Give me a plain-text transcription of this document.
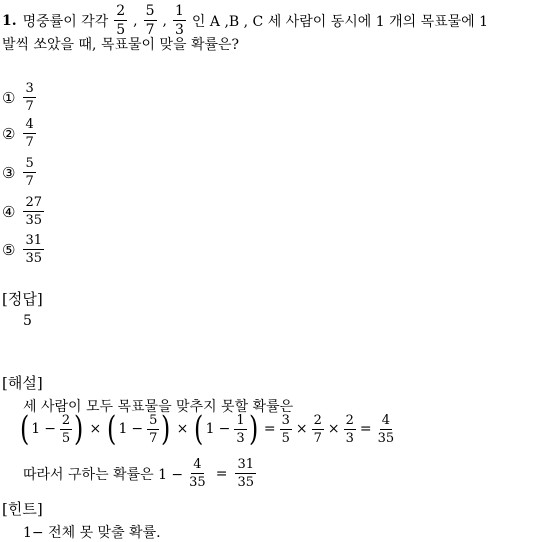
1. 명중률이 각각 $\frac{2}{5}$ , $\frac{5}{7}$ , $\frac{1}{3}$ 인 A ,B , C 세 사람이 동시에 1 개의 목표물에 1
발씩 쏘았을 때, 목표물이 맞을 확률은?
① $\frac{3}{7}$
② $\frac{4}{7}$
③ $\frac{5}{7}$
④ $\frac{27}{35}$
⑤ $\frac{31}{35}$
[정답]
5
[해설]
세 사람이 모두 목표물을 맞추지 못할 확률은
( $1 - \frac{2}{5}$ ) × ( $1 - \frac{5}{7}$ ) × ( $1 - \frac{1}{3}$ ) = $\frac{3}{5} \times \frac{2}{7} \times \frac{2}{3} = \frac{4}{35}$
따라서 구하는 확률은 $1 - \frac{4}{35} = \frac{31}{35}$
[힌트]
1− 전체 못 맞출 확률.
